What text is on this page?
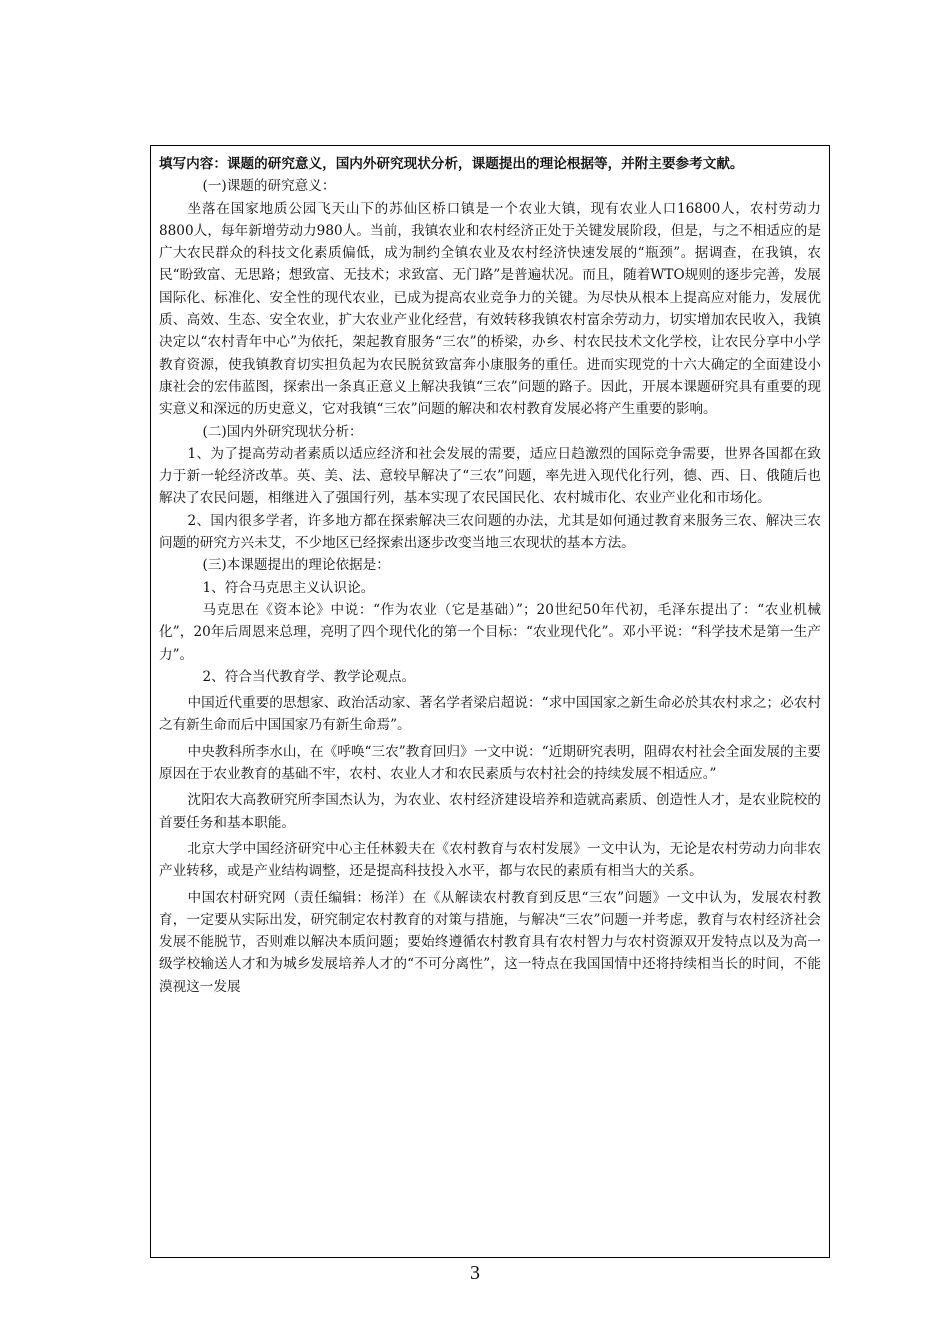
填写内容：课题的研究意义，国内外研究现状分析，课题提出的理论根据等，并附主要参考文献。

(一)课题的研究意义：

坐落在国家地质公园飞天山下的苏仙区桥口镇是一个农业大镇，现有农业人口16800人，农村劳动力8800人，每年新增劳动力980人。当前，我镇农业和农村经济正处于关键发展阶段，但是，与之不相适应的是广大农民群众的科技文化素质偏低，成为制约全镇农业及农村经济快速发展的“瓶颈”。据调查，在我镇，农民“盼致富、无思路；想致富、无技术；求致富、无门路”是普遍状况。而且，随着WTO规则的逐步完善，发展国际化、标准化、安全性的现代农业，已成为提高农业竞争力的关键。为尽快从根本上提高应对能力，发展优质、高效、生态、安全农业，扩大农业产业化经营，有效转移我镇农村富余劳动力，切实增加农民收入，我镇决定以“农村青年中心”为依托，架起教育服务“三农”的桥梁，办乡、村农民技术文化学校，让农民分享中小学教育资源，使我镇教育切实担负起为农民脱贫致富奔小康服务的重任。进而实现党的十六大确定的全面建设小康社会的宏伟蓝图，探索出一条真正意义上解决我镇“三农”问题的路子。因此，开展本课题研究具有重要的现实意义和深远的历史意义，它对我镇“三农”问题的解决和农村教育发展必将产生重要的影响。

(二)国内外研究现状分析：

1、为了提高劳动者素质以适应经济和社会发展的需要，适应日趋激烈的国际竞争需要，世界各国都在致力于新一轮经济改革。英、美、法、意较早解决了“三农”问题，率先进入现代化行列，德、西、日、俄随后也解决了农民问题，相继进入了强国行列，基本实现了农民国民化、农村城市化、农业产业化和市场化。

2、国内很多学者，许多地方都在探索解决三农问题的办法，尤其是如何通过教育来服务三农、解决三农问题的研究方兴未艾，不少地区已经探索出逐步改变当地三农现状的基本方法。

(三)本课题提出的理论依据是：

1、符合马克思主义认识论。

马克思在《资本论》中说：“作为农业（它是基础）”；20世纪50年代初，毛泽东提出了：“农业机械化”，20年后周恩来总理，亮明了四个现代化的第一个目标：“农业现代化”。邓小平说：“科学技术是第一生产力”。

2、符合当代教育学、教学论观点。

中国近代重要的思想家、政治活动家、著名学者梁启超说：“求中国国家之新生命必於其农村求之；必农村之有新生命而后中国国家乃有新生命焉”。

中央教科所李水山，在《呼唤“三农”教育回归》一文中说：“近期研究表明，阻碍农村社会全面发展的主要原因在于农业教育的基础不牢，农村、农业人才和农民素质与农村社会的持续发展不相适应。”

沈阳农大高教研究所李国杰认为，为农业、农村经济建设培养和造就高素质、创造性人才，是农业院校的首要任务和基本职能。

北京大学中国经济研究中心主任林毅夫在《农村教育与农村发展》一文中认为，无论是农村劳动力向非农产业转移，或是产业结构调整，还是提高科技投入水平，都与农民的素质有相当大的关系。

中国农村研究网（责任编辑：杨洋）在《从解读农村教育到反思“三农”问题》一文中认为，发展农村教育，一定要从实际出发，研究制定农村教育的对策与措施，与解决“三农”问题一并考虑，教育与农村经济社会发展不能脱节，否则难以解决本质问题；要始终遵循农村教育具有农村智力与农村资源双开发特点以及为高一级学校输送人才和为城乡发展培养人才的“不可分离性”，这一特点在我国国情中还将持续相当长的时间，不能漠视这一发展

3
